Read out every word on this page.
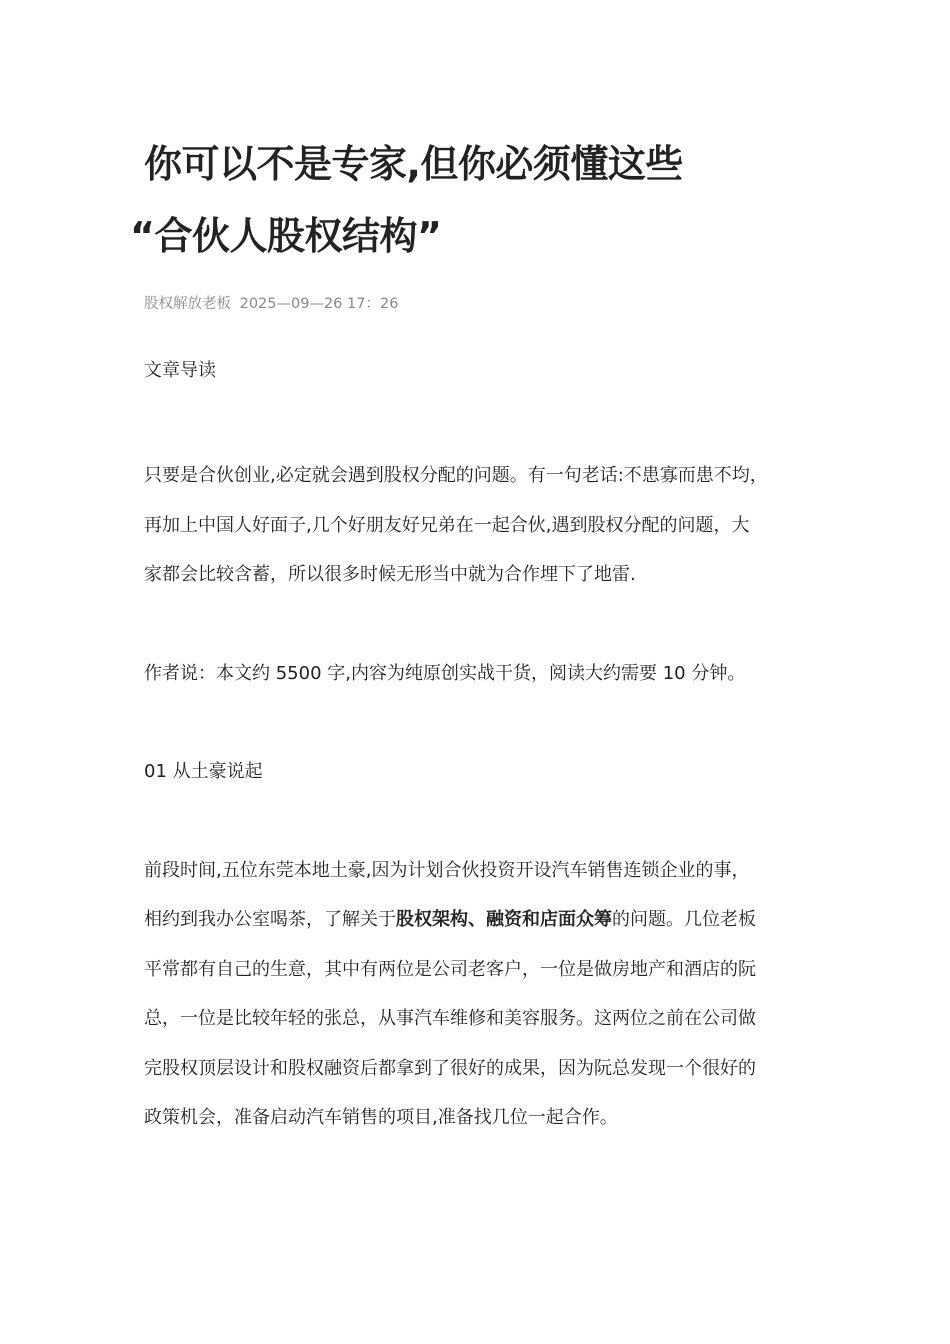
你可以不是专家,但你必须懂这些
“合伙人股权结构”
股权解放老板 2025—09—26 17：26
文章导读

只要是合伙创业,必定就会遇到股权分配的问题。有一句老话:不患寡而患不均，
再加上中国人好面子,几个好朋友好兄弟在一起合伙,遇到股权分配的问题，大
家都会比较含蓄，所以很多时候无形当中就为合作埋下了地雷.

作者说：本文约 5500 字,内容为纯原创实战干货，阅读大约需要 10 分钟。

01 从土豪说起

前段时间,五位东莞本地土豪,因为计划合伙投资开设汽车销售连锁企业的事，
相约到我办公室喝茶，了解关于股权架构、融资和店面众筹的问题。几位老板
平常都有自己的生意，其中有两位是公司老客户，一位是做房地产和酒店的阮
总，一位是比较年轻的张总，从事汽车维修和美容服务。这两位之前在公司做
完股权顶层设计和股权融资后都拿到了很好的成果，因为阮总发现一个很好的
政策机会，准备启动汽车销售的项目,准备找几位一起合作。
